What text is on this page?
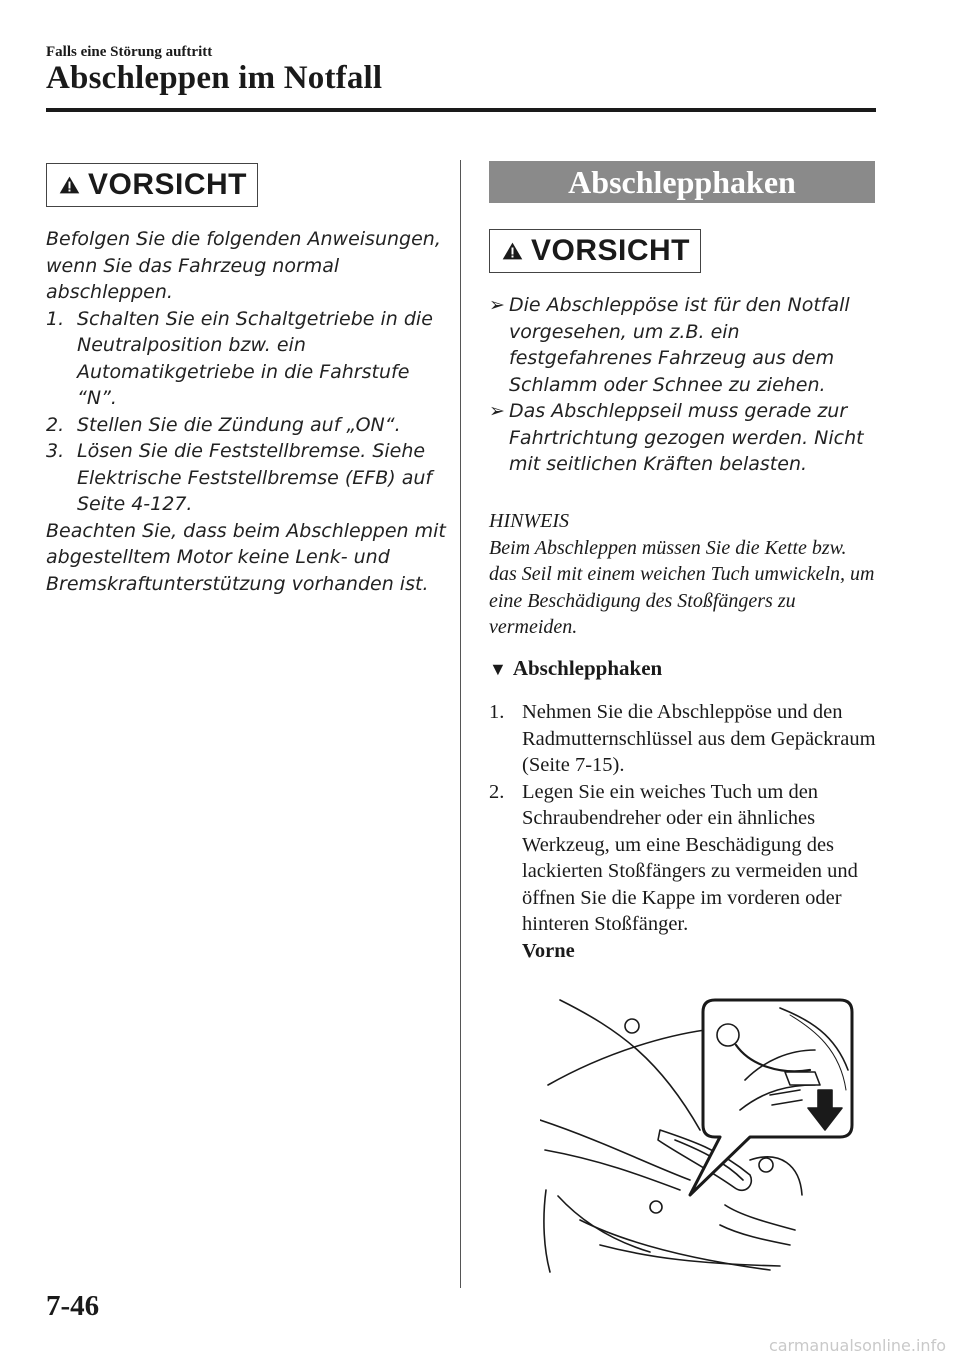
Falls eine Störung auftritt
Abschleppen im Notfall
VORSICHT

Befolgen Sie die folgenden Anweisungen, wenn Sie das Fahrzeug normal abschleppen.

1. Schalten Sie ein Schaltgetriebe in die Neutralposition bzw. ein Automatikgetriebe in die Fahrstufe “N”.
2. Stellen Sie die Zündung auf „ON“.
3. Lösen Sie die Feststellbremse. Siehe Elektrische Feststellbremse (EFB) auf Seite 4-127.

Beachten Sie, dass beim Abschleppen mit abgestelltem Motor keine Lenk- und Bremskraftunterstützung vorhanden ist.

Abschlepphaken
VORSICHT
➢ Die Abschleppöse ist für den Notfall vorgesehen, um z.B. ein festgefahrenes Fahrzeug aus dem Schlamm oder Schnee zu ziehen.
➢ Das Abschleppseil muss gerade zur Fahrtrichtung gezogen werden. Nicht mit seitlichen Kräften belasten.

HINWEIS

Beim Abschleppen müssen Sie die Kette bzw. das Seil mit einem weichen Tuch umwickeln, um eine Beschädigung des Stoßfängers zu vermeiden.

▼ Abschlepphaken
1. Nehmen Sie die Abschleppöse und den Radmutternschlüssel aus dem Gepäckraum (Seite 7-15).
2. Legen Sie ein weiches Tuch um den Schraubendreher oder ein ähnliches Werkzeug, um eine Beschädigung des lackierten Stoßfängers zu vermeiden und öffnen Sie die Kappe im vorderen oder hinteren Stoßfänger.
Vorne
7-46
carmanualsonline.info
